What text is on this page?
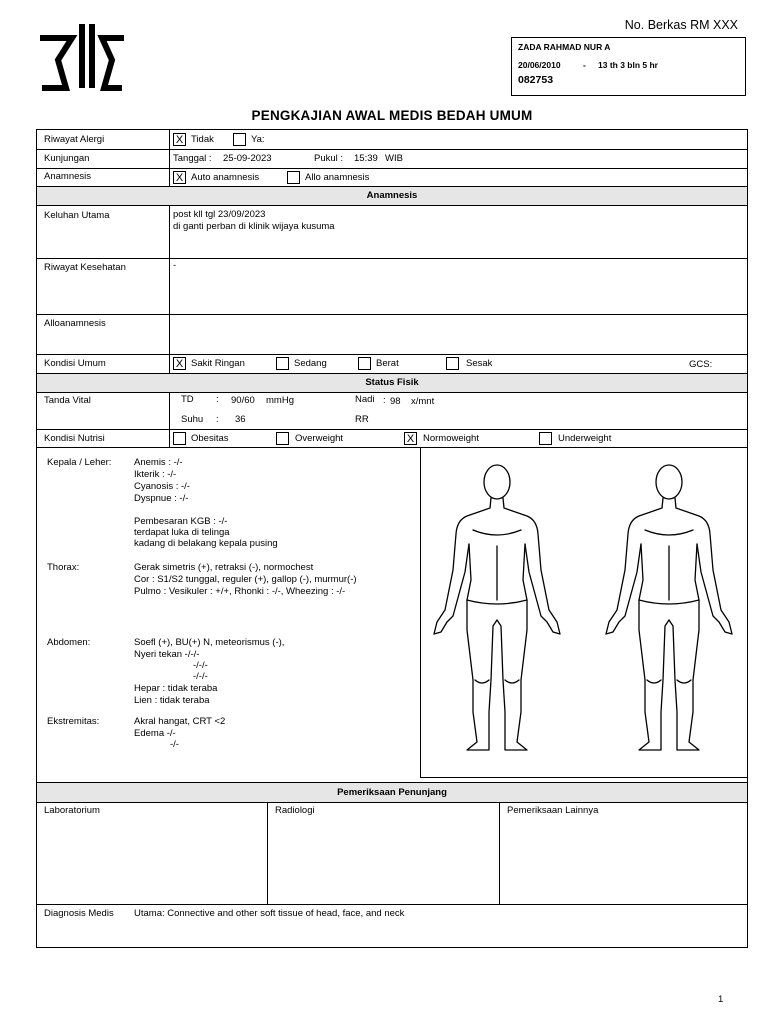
No. Berkas RM XXX
ZADA RAHMAD NUR A
20/06/2010	- 13 th 3 bln 5 hr
082753
PENGKAJIAN AWAL MEDIS BEDAH UMUM
Anamnesis
Status Fisik
Pemeriksaan Penunjang
Riwayat Alergi	X Tidak	Ya:
Kunjungan	Tanggal : 25-09-2023	Pukul : 15:39 WIB
Anamnesis	X Auto anamnesis	Allo anamnesis
Keluhan Utama	post kll tgl 23/09/2023
di ganti perban di klinik wijaya kusuma
Riwayat Kesehatan	-
Alloanamnesis
Kondisi Umum	X Sakit Ringan	Sedang	Berat	Sesak	GCS:
Tanda Vital	TD : 90/60 mmHg	Nadi : 98 x/mnt
Suhu : 36	RR
Kondisi Nutrisi	Obesitas	Overweight	X Normoweight	Underweight
Kepala / Leher: Anemis : -/-
Ikterik : -/-
Cyanosis : -/-
Dyspnue : -/-
Pembesaran KGB : -/-
terdapat luka di telinga
kadang di belakang kepala pusing
Thorax:	Gerak simetris (+), retraksi (-), normochest
Cor : S1/S2 tunggal, reguler (+), gallop (-), murmur(-)
Pulmo : Vesikuler : +/+, Rhonki : -/-, Wheezing : -/-
Abdomen:	Soefl (+), BU(+) N, meteorismus (-),
Nyeri tekan -/-/-
-/-/-
-/-/-
Hepar : tidak teraba
Lien : tidak teraba
Ekstremitas:	Akral hangat, CRT <2
Edema -/-
-/-
Laboratorium	Radiologi	Pemeriksaan Lainnya
Diagnosis Medis Utama: Connective and other soft tissue of head, face, and neck
1
